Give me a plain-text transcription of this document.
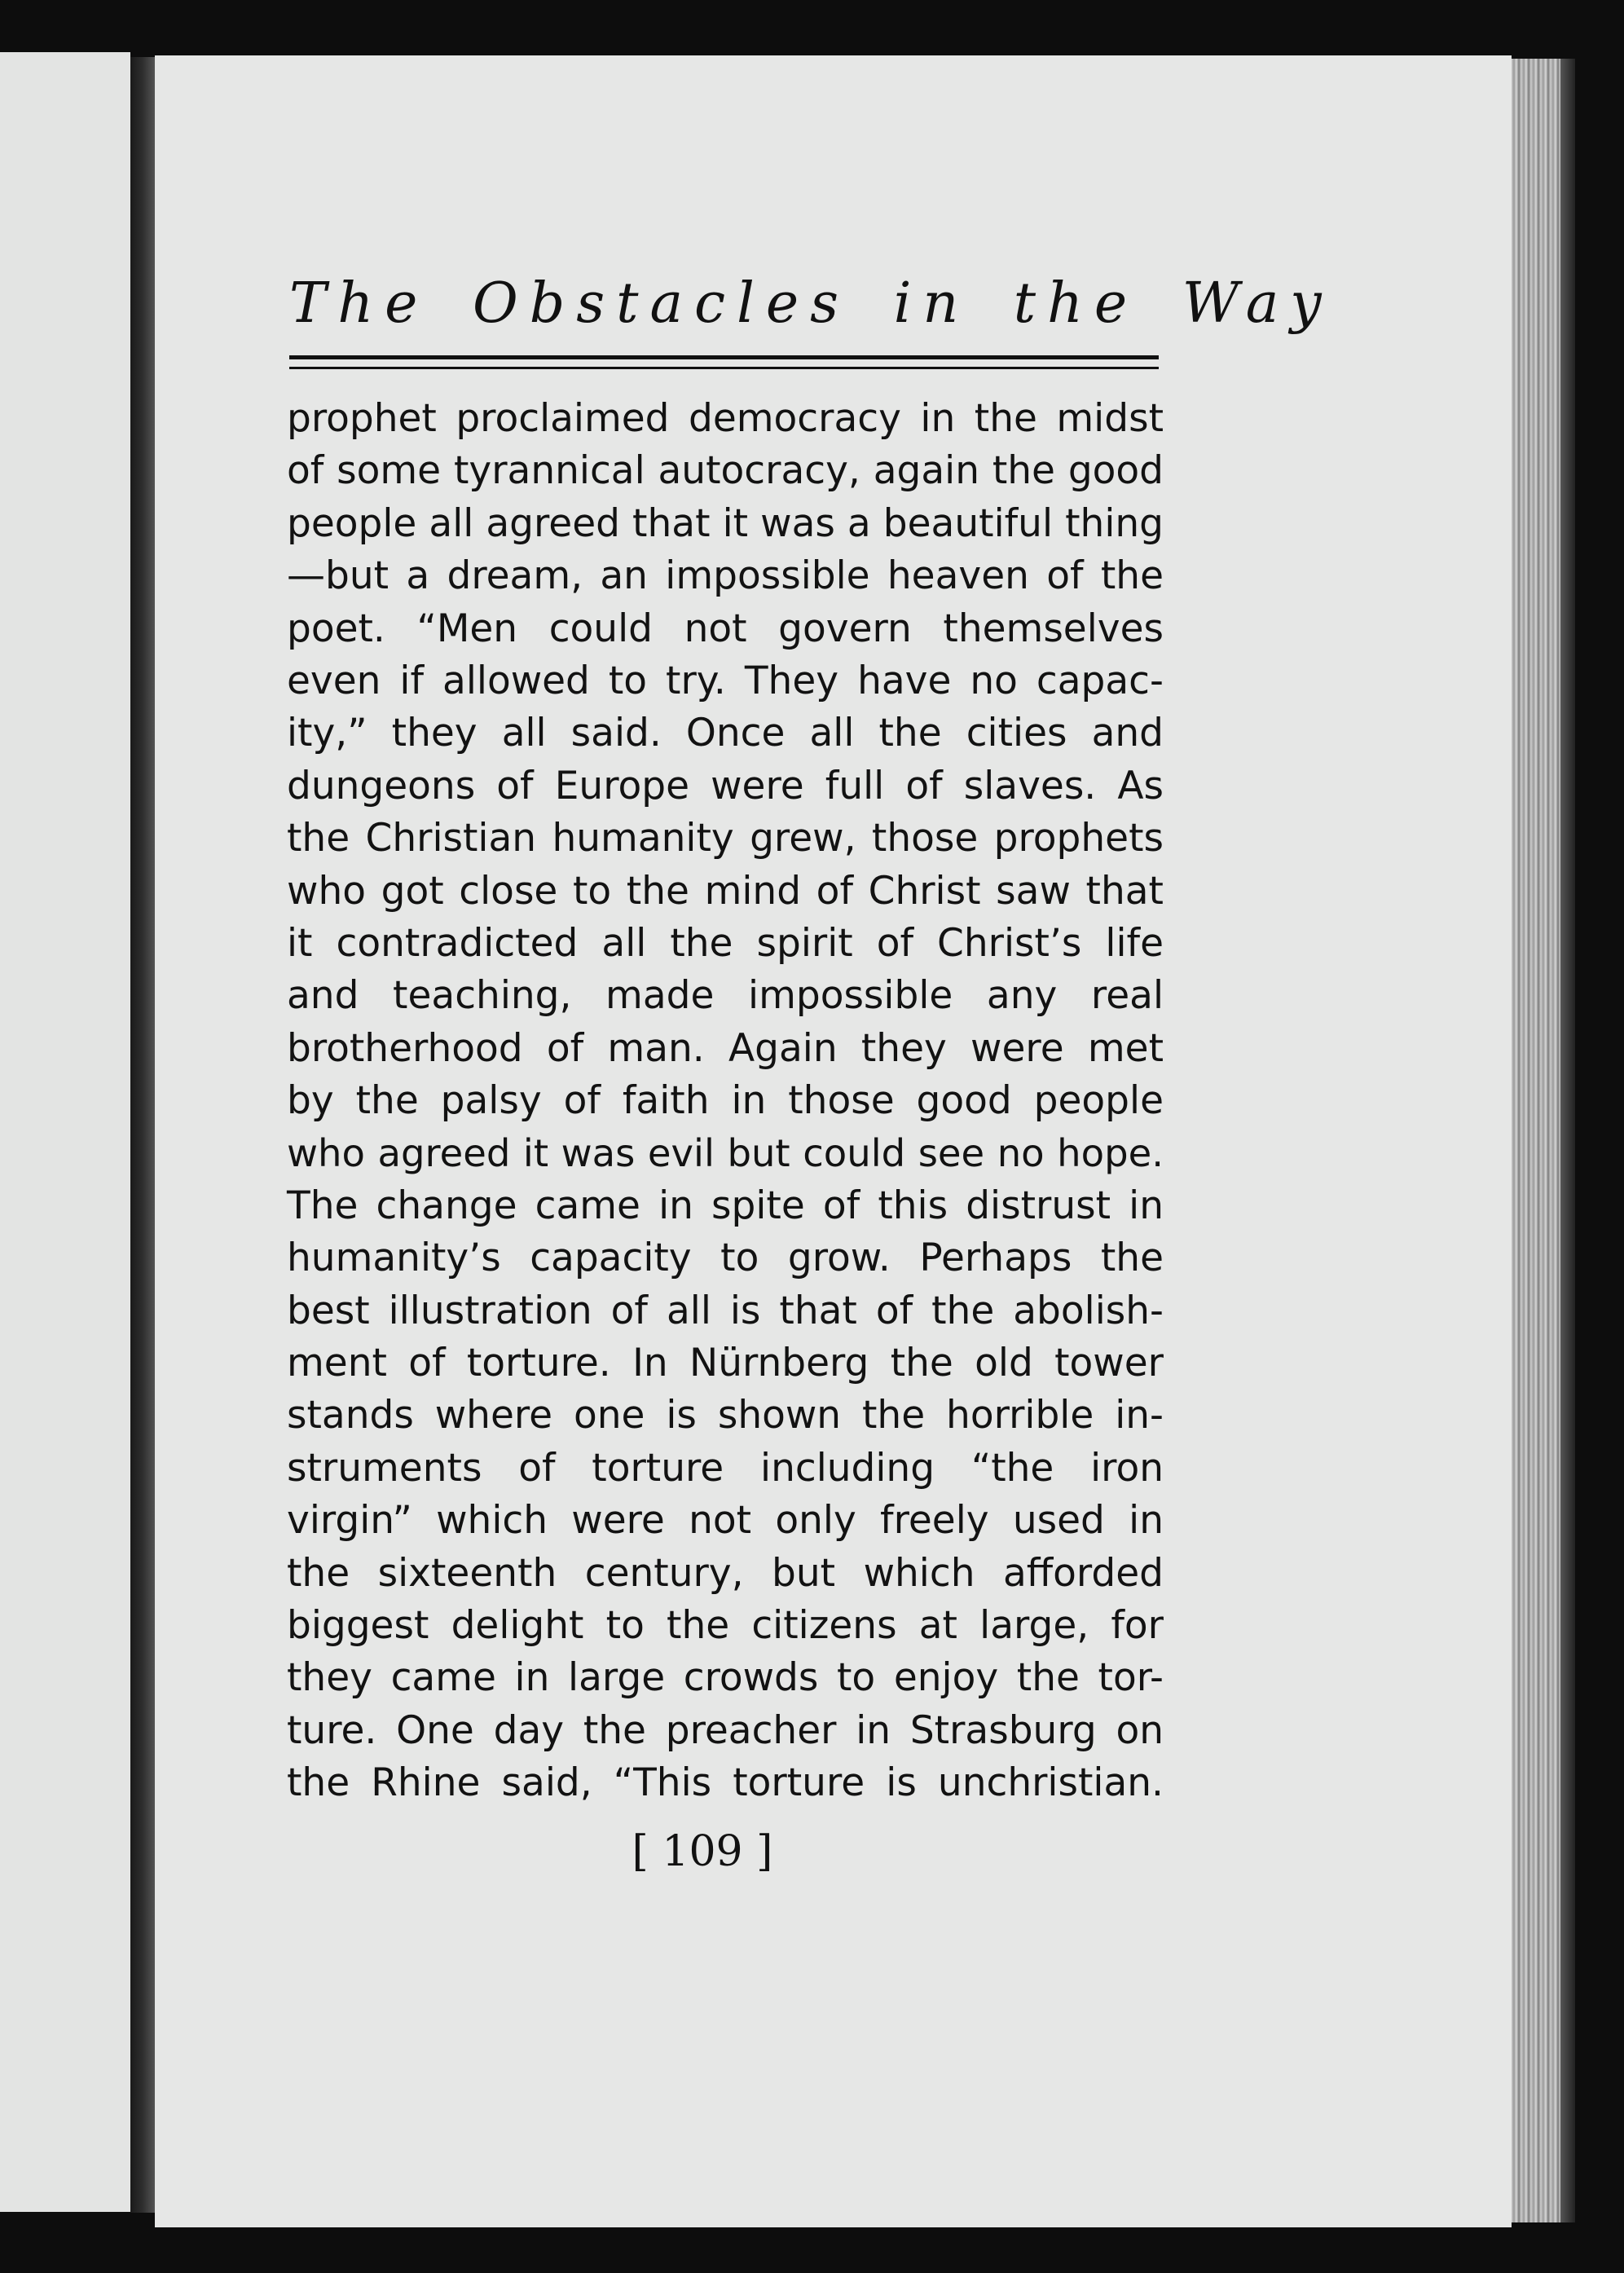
The Obstacles in the Way
prophet proclaimed democracy in the midst
of some tyrannical autocracy, again the good
people all agreed that it was a beautiful thing
—but a dream, an impossible heaven of the
poet. “Men could not govern themselves
even if allowed to try. They have no capac-
ity,” they all said. Once all the cities and
dungeons of Europe were full of slaves. As
the Christian humanity grew, those prophets
who got close to the mind of Christ saw that
it contradicted all the spirit of Christ’s life
and teaching, made impossible any real
brotherhood of man. Again they were met
by the palsy of faith in those good people
who agreed it was evil but could see no hope.
The change came in spite of this distrust in
humanity’s capacity to grow. Perhaps the
best illustration of all is that of the abolish-
ment of torture. In Nürnberg the old tower
stands where one is shown the horrible in-
struments of torture including “the iron
virgin” which were not only freely used in
the sixteenth century, but which afforded
biggest delight to the citizens at large, for
they came in large crowds to enjoy the tor-
ture. One day the preacher in Strasburg on
the Rhine said, “This torture is unchristian.
[ 109 ]
